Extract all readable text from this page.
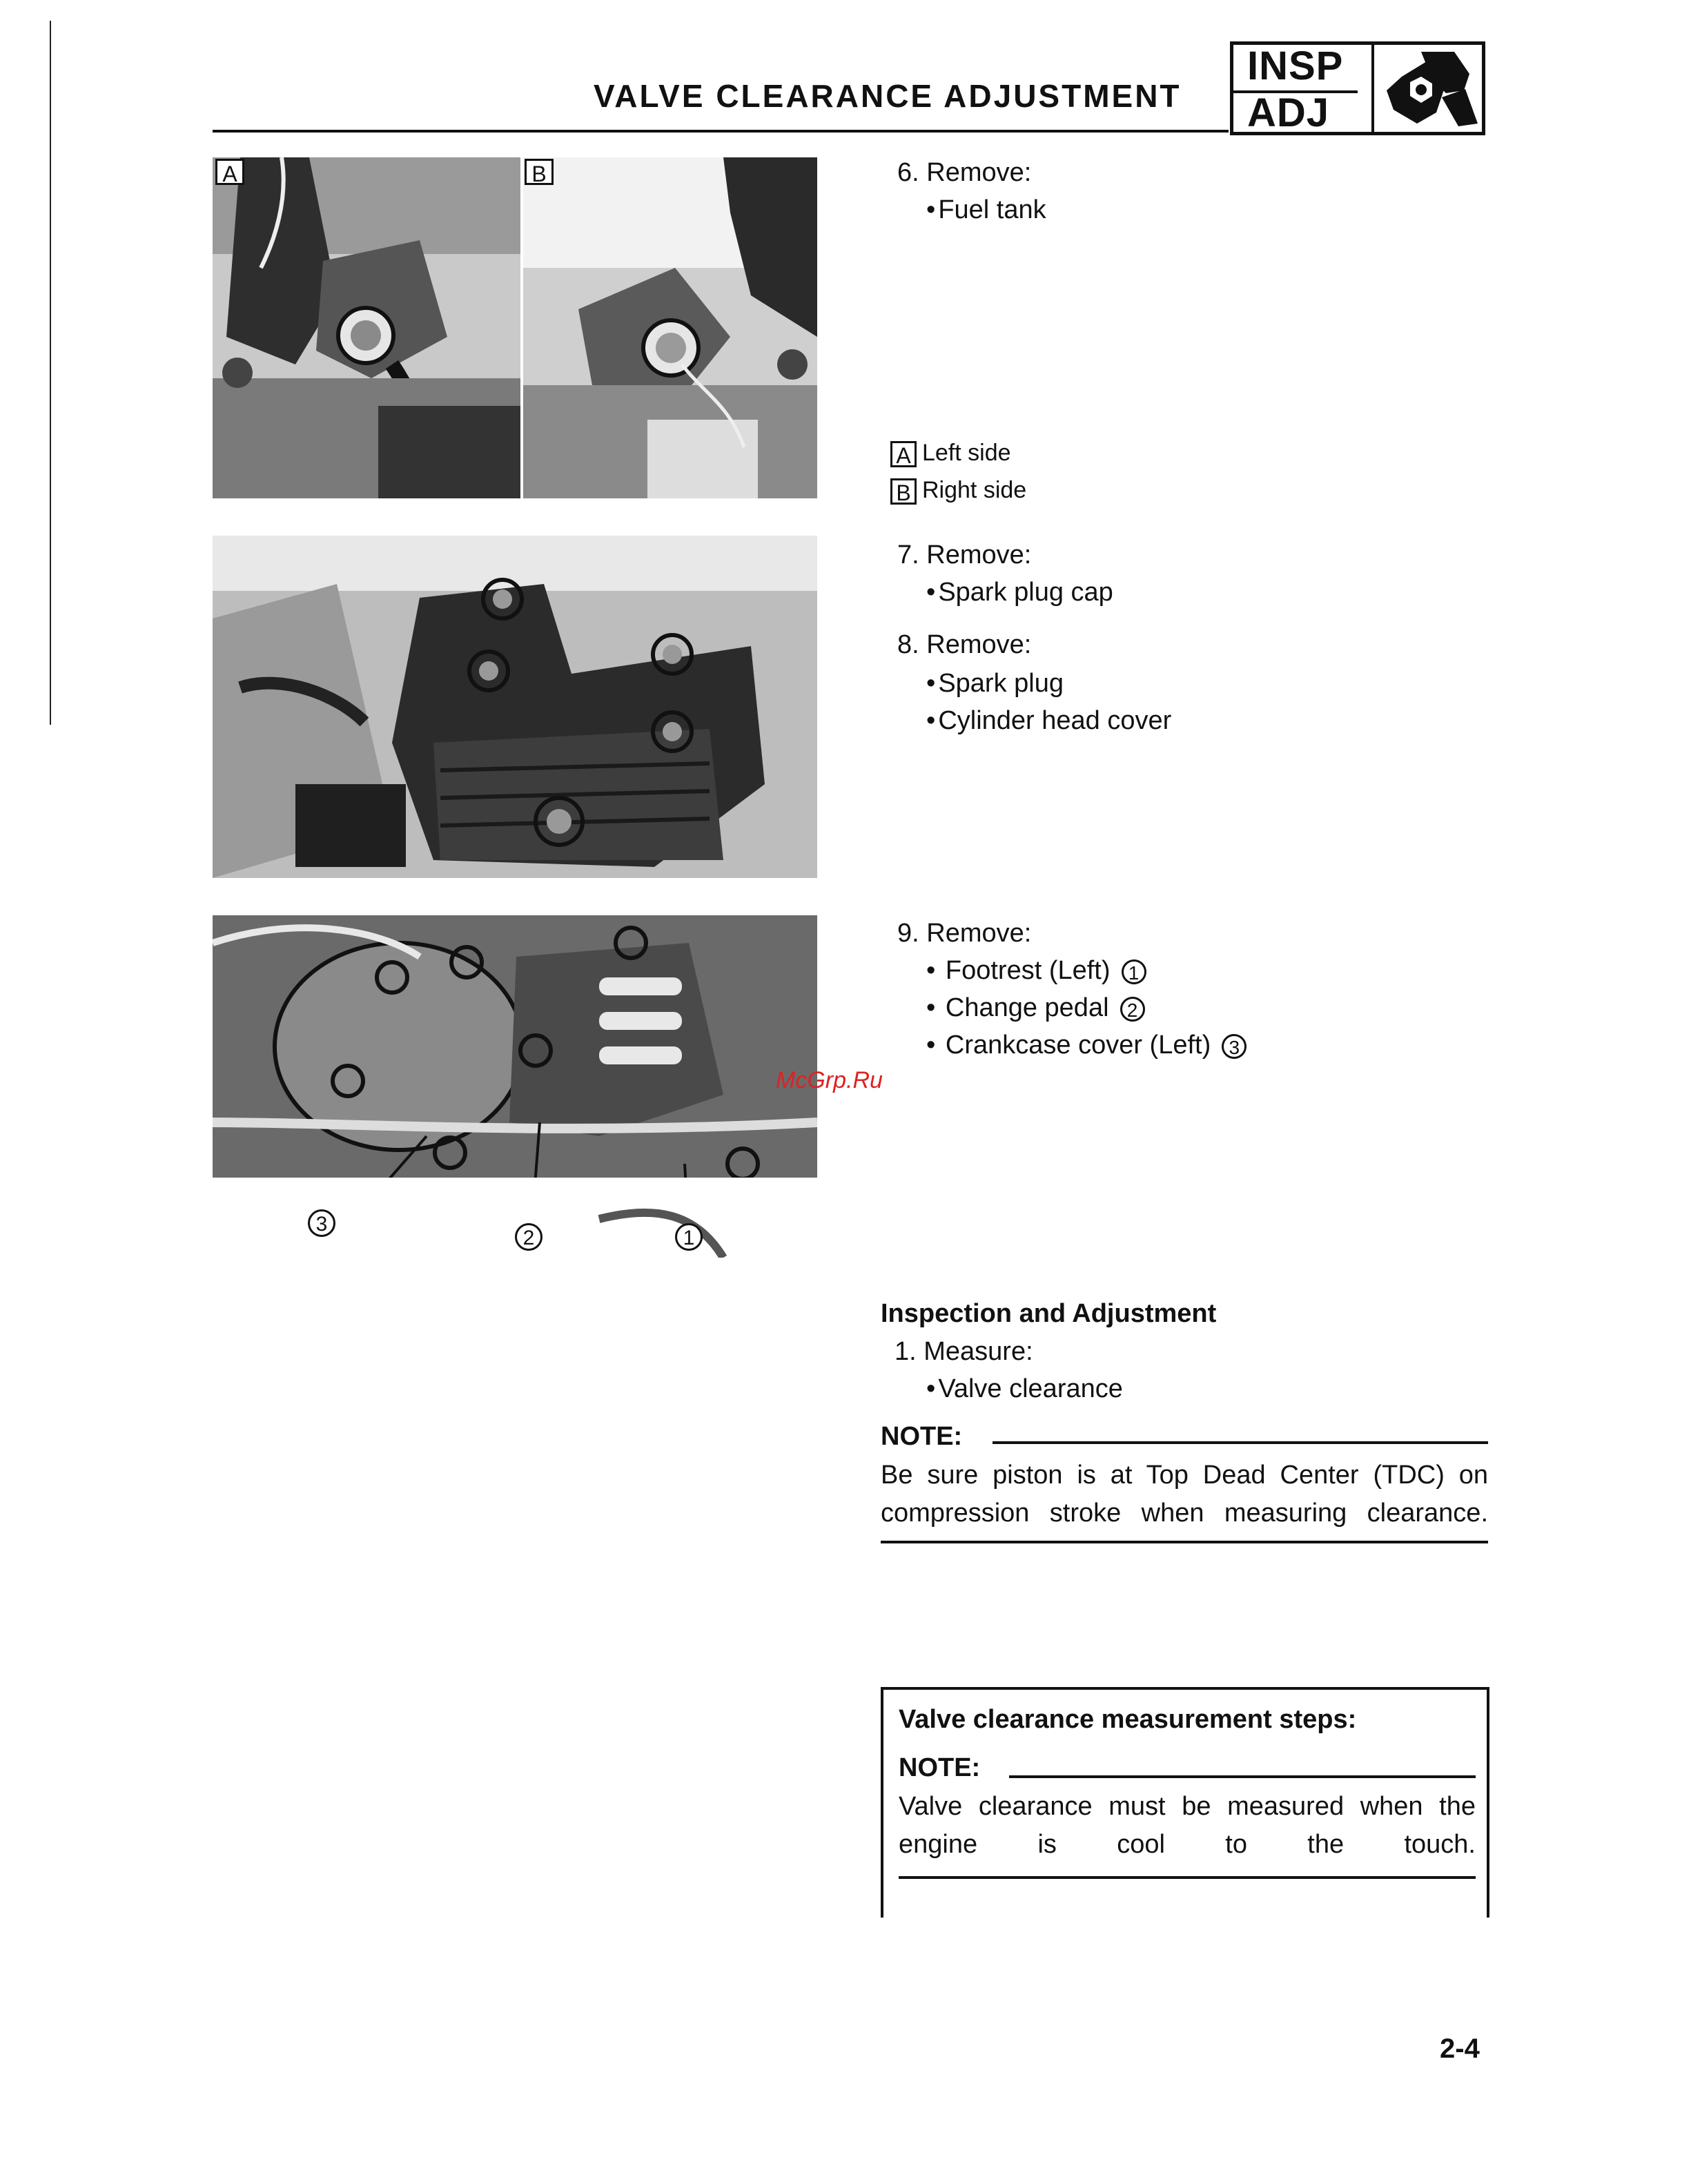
VALVE CLEARANCE ADJUSTMENT
INSP
ADJ
A	B
3
2	1
6. Remove:
• Fuel tank
A Left side
B Right side
7. Remove:
• Spark plug cap
8. Remove:
• Spark plug
• Cylinder head cover
9. Remove:
• Footrest (Left) 1
• Change pedal 2
• Crankcase cover (Left) 3
McGrp.Ru
Inspection and Adjustment
1. Measure:
• Valve clearance
NOTE:
Be sure piston is at Top Dead Center (TDC) on compression stroke when measuring clearance.
Valve clearance measurement steps:
NOTE:
Valve clearance must be measured when the engine is cool to the touch.
2-4
